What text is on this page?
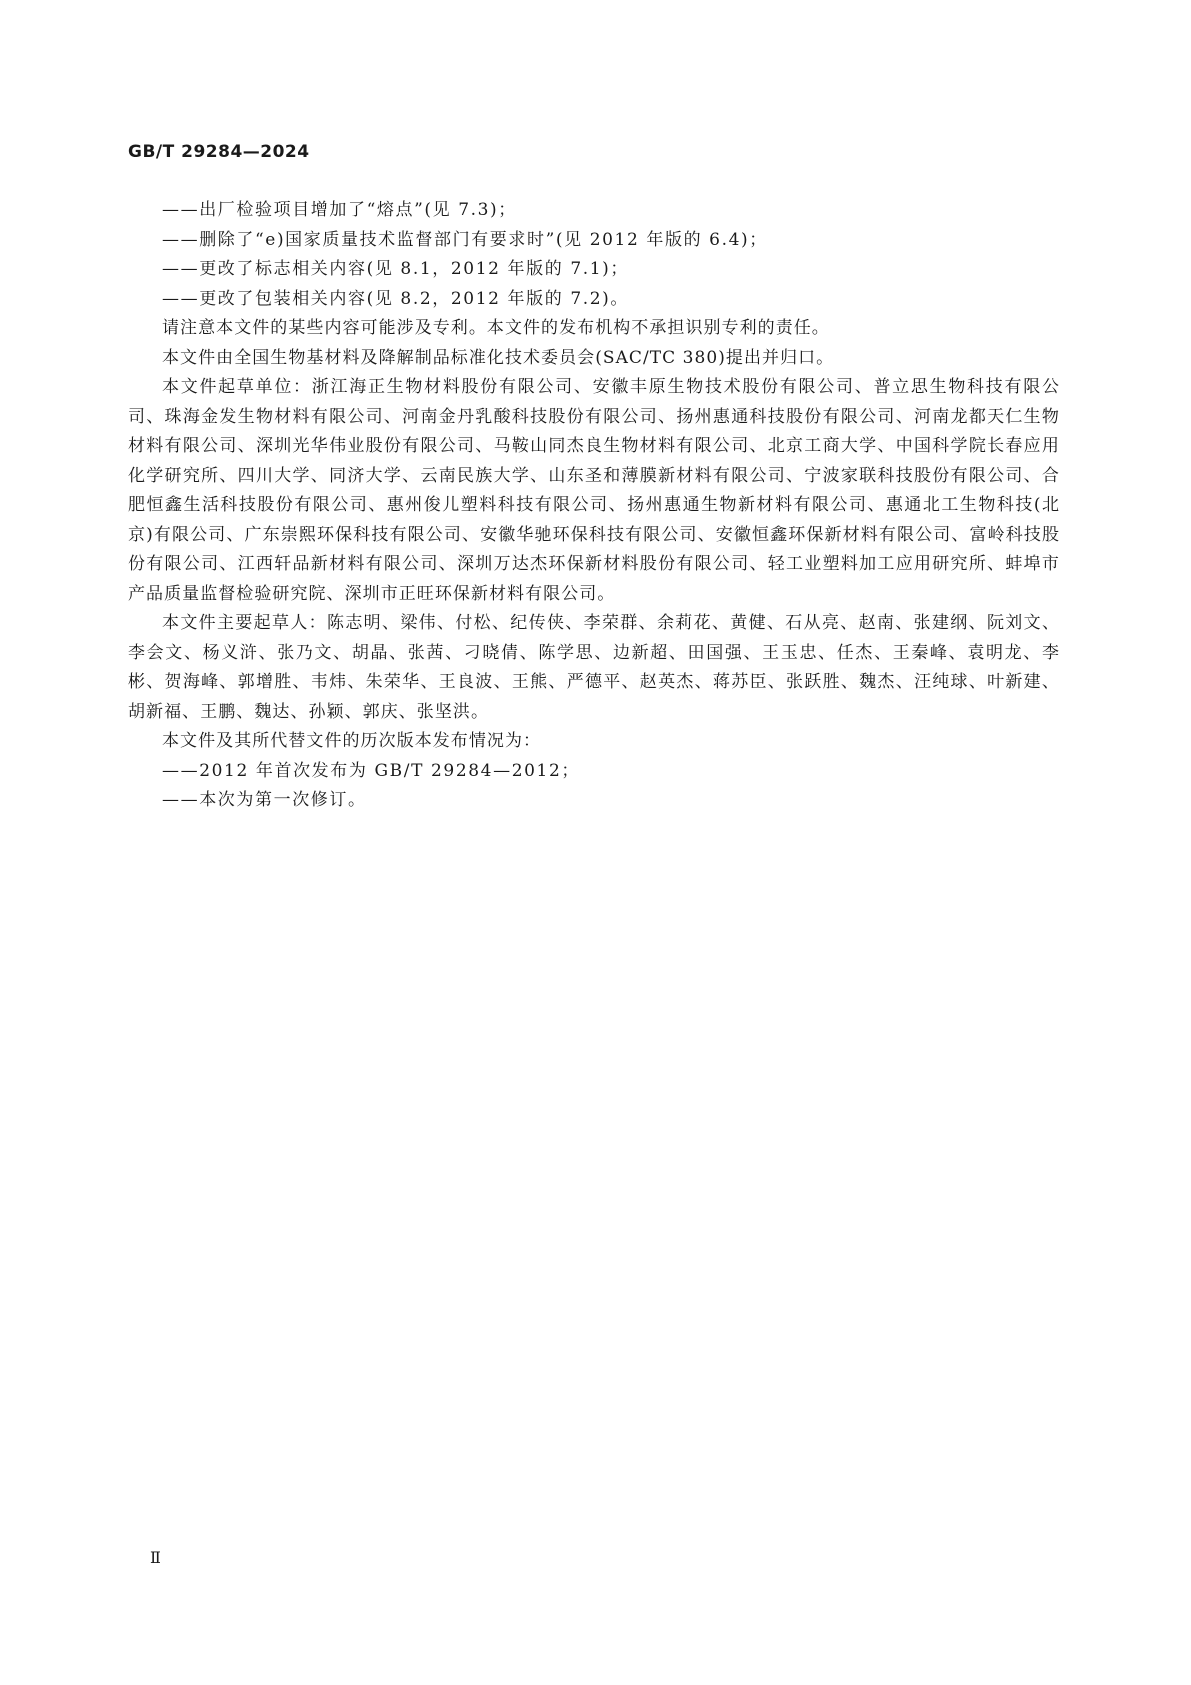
GB/T 29284—2024

——出厂检验项目增加了“熔点”(见 7.3)；

——删除了“e)国家质量技术监督部门有要求时”(见 2012 年版的 6.4)；

——更改了标志相关内容(见 8.1，2012 年版的 7.1)；

——更改了包装相关内容(见 8.2，2012 年版的 7.2)。

请注意本文件的某些内容可能涉及专利。本文件的发布机构不承担识别专利的责任。

本文件由全国生物基材料及降解制品标准化技术委员会(SAC/TC 380)提出并归口。

本文件起草单位：浙江海正生物材料股份有限公司、安徽丰原生物技术股份有限公司、普立思生物科技有限公司、珠海金发生物材料有限公司、河南金丹乳酸科技股份有限公司、扬州惠通科技股份有限公司、河南龙都天仁生物材料有限公司、深圳光华伟业股份有限公司、马鞍山同杰良生物材料有限公司、北京工商大学、中国科学院长春应用化学研究所、四川大学、同济大学、云南民族大学、山东圣和薄膜新材料有限公司、宁波家联科技股份有限公司、合肥恒鑫生活科技股份有限公司、惠州俊儿塑料科技有限公司、扬州惠通生物新材料有限公司、惠通北工生物科技(北京)有限公司、广东崇熙环保科技有限公司、安徽华驰环保科技有限公司、安徽恒鑫环保新材料有限公司、富岭科技股份有限公司、江西轩品新材料有限公司、深圳万达杰环保新材料股份有限公司、轻工业塑料加工应用研究所、蚌埠市产品质量监督检验研究院、深圳市正旺环保新材料有限公司。

本文件主要起草人：陈志明、梁伟、付松、纪传侠、李荣群、余莉花、黄健、石从亮、赵南、张建纲、阮刘文、李会文、杨义浒、张乃文、胡晶、张茜、刁晓倩、陈学思、边新超、田国强、王玉忠、任杰、王秦峰、袁明龙、李彬、贺海峰、郭增胜、韦炜、朱荣华、王良波、王熊、严德平、赵英杰、蒋苏臣、张跃胜、魏杰、汪纯球、叶新建、胡新福、王鹏、魏达、孙颖、郭庆、张坚洪。

本文件及其所代替文件的历次版本发布情况为：

——2012 年首次发布为 GB/T 29284—2012；

——本次为第一次修订。

Ⅱ
